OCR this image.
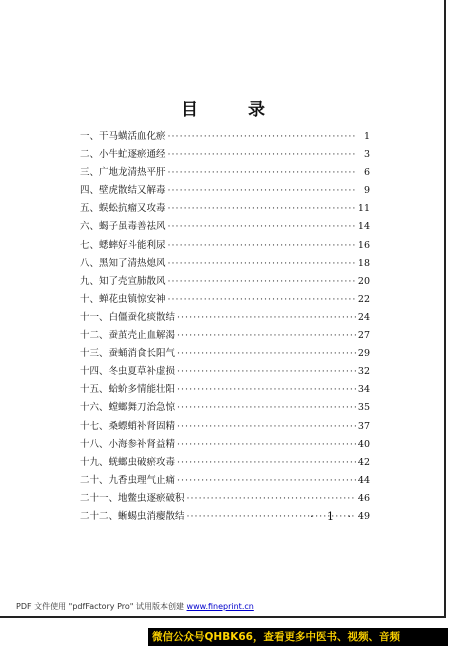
目 录
一、干马蟥活血化瘀 ·····	1
二、小牛虻逐瘀通经 ·····	3
三、广地龙清热平肝 ·····	6
四、壁虎散结又解毒 ·····	9
五、蜈蚣抗瘤又攻毒 ·····	11
六、蝎子虽毒善祛风 ·····	14
七、蟋蟀好斗能利尿 ·····	16
八、黑知了清热熄风 ·····	18
九、知了壳宣肺散风 ·····	20
十、蝉花虫镇惊安神 ·····	22
十一、白僵蚕化痰散结 ·····	24
十二、蚕茧壳止血解渴 ·····	27
十三、蚕蛹消食长阳气 ·····	29
十四、冬虫夏草补虚损 ·····	32
十五、蛤蚧多情能壮阳 ·····	34
十六、螳螂舞刀治急惊 ·····	35
十七、桑螵蛸补肾固精 ·····	37
十八、小海参补肾益精 ·····	40
十九、蜣螂虫破瘀攻毒 ·····	42
二十、九香虫理气止痛 ·····	44
二十一、地鳖虫逐瘀破积 ·····	46
二十二、蜥蜴虫消瘿散结 ·····	49
· 1 ·
PDF 文件使用 "pdfFactory Pro" 试用版本创建 www.fineprint.cn
微信公众号QHBK66，查看更多中医书、视频、音频
